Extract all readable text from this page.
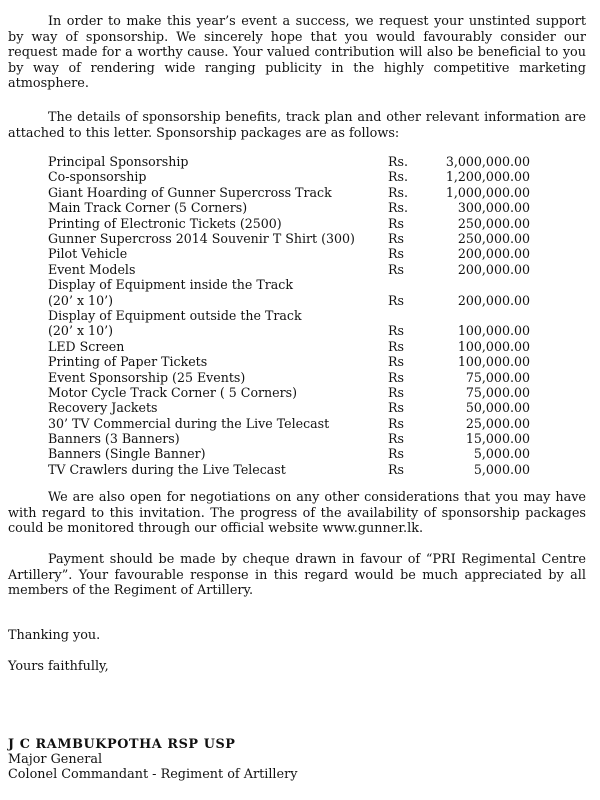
In order to make this year’s event a success, we request your unstinted support by way of sponsorship. We sincerely hope that you would favourably consider our request made for a worthy cause. Your valued contribution will also be beneficial to you by way of rendering wide ranging publicity in the highly competitive marketing atmosphere.

The details of sponsorship benefits, track plan and other relevant information are attached to this letter. Sponsorship packages are as follows:

Principal Sponsorship	Rs.	3,000,000.00
Co-sponsorship	Rs.	1,200,000.00
Giant Hoarding of Gunner Supercross Track	Rs.	1,000,000.00
Main Track Corner (5 Corners)	Rs.	300,000.00
Printing of Electronic Tickets (2500)	Rs	250,000.00
Gunner Supercross 2014 Souvenir T Shirt (300)	Rs	250,000.00
Pilot Vehicle	Rs	200,000.00
Event Models	Rs	200,000.00
Display of Equipment inside the Track
(20’ x 10’)	Rs	200,000.00
Display of Equipment outside the Track
(20’ x 10’)	Rs	100,000.00
LED Screen	Rs	100,000.00
Printing of Paper Tickets	Rs	100,000.00
Event Sponsorship (25 Events)	Rs	75,000.00
Motor Cycle Track Corner ( 5 Corners)	Rs	75,000.00
Recovery Jackets	Rs	50,000.00
30’ TV Commercial during the Live Telecast	Rs	25,000.00
Banners (3 Banners)	Rs	15,000.00
Banners (Single Banner)	Rs	5,000.00
TV Crawlers during the Live Telecast	Rs	5,000.00

We are also open for negotiations on any other considerations that you may have with regard to this invitation. The progress of the availability of sponsorship packages could be monitored through our official website www.gunner.lk.

Payment should be made by cheque drawn in favour of “PRI Regimental Centre Artillery”. Your favourable response in this regard would be much appreciated by all members of the Regiment of Artillery.

Thanking you.
Yours faithfully,
J C RAMBUKPOTHA RSP USP
Major General
Colonel Commandant - Regiment of Artillery
